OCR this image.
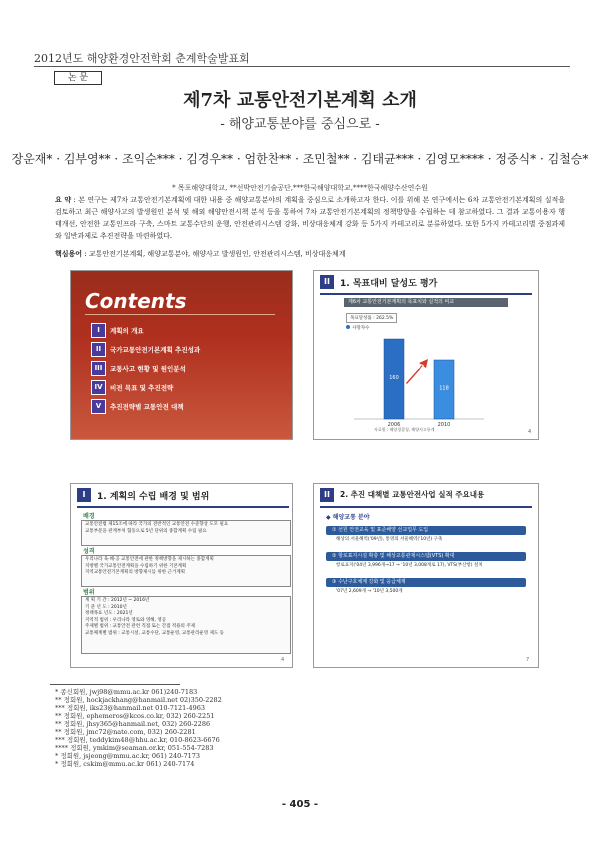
2012년도 해양환경안전학회 춘계학술발표회
논 문
제7차 교통안전기본계획 소개
- 해양교통분야를 중심으로 -
장운재* · 김부영** · 조익순*** · 김경우** · 엄한찬** · 조민철** · 김태균*** · 김영모**** · 정중식* · 김철승*
* 목포해양대학교, **선박안전기술공단,***한국해양대학교,****한국해양수산연수원
요 약 : 본 연구는 제7차 교통안전기본계획에 대한 내용 중 해양교통분야의 계획을 중심으로 소개하고자 한다. 이를 위해 본 연구에서는 6차 교통안전기본계획의 실적을 검토하고 최근 해양사고의 발생원인 분석 및 해외 해양안전시책 분석 등을 통하여 7차 교통안전기본계획의 정책방향을 수립하는 데 참고하였다. 그 결과 교통이용자 행태개선, 안전한 교통인프라 구축, 스마트 교통수단의 운행, 안전관리시스템 강화, 비상대응체계 강화 등 5가지 카테고리로 분류하였다. 또한 5가지 카테고리별 중점과제와 일반과제로 추진전략을 마련하였다.
핵심용어 : 교통안전기본계획, 해양교통분야, 해양사고 발생원인, 안전관리시스템, 비상대응체계
Contents
I 계획의 개요
II 국가교통안전기본계획 추진성과
III 교통사고 현황 및 원인분석
IV 비전 목표 및 추진전략
V 추진전략별 교통안전 대책
II	1. 목표대비 달성도 평가
제6차 교통안전기본계획의 목표치와 실적의 비교
목표달성률 : 262.5%
사망자수
160
2006
118
2010
42
자료원 : 해양경찰청, 해양사고통계	4
I	1. 계획의 수립 배경 및 범위
배경
교통안전법 제15조에 따라 국가의 전반적인 교통안전 수준향상 도모 필요
교통부문을 관계부처 협동으로 5년 단위의 종합계획 수립 필요
성격
우리나라 육·해·공 교통안전에 관한 정책방향을 제시하는 종합계획
지방별 국가교통안전계획을 수립하기 위한 기본계획
지역교통안전기본계획의 방향제시를 위한 근거계획
범위
계 획 기 간 : 2012년 ~ 2016년
기 준 년 도 : 2010년
정책목표 년도 : 2021년
지역적 범위 : 우리나라 영토와 영해, 영공
주제별 범위 : 교통안전 관련 직접 또는 간접 적용의 주제
교통체계별 범위 : 교통시설, 교통수단, 교통운영, 교통관리운영 제도 등
4
II	2. 추진 대책별 교통안전사업 실적 주요내용
◆ 해양교통 분야
① 선원 안전교육 및 표준해양 선교업무 도입
해상의 서울해역('09년), 통영의 서울해역('10년) 구축
② 항로표지시설 확충 및 해상교통관제시스템(VTS) 확대
항로표지('04년 3,996개→17 → '10년 3,008개로 17), VTS(부산항) 설치
③ 수난구호체계 강화 및 응급체계
'07년 2,609개 → '10년 3,500개
7
* 종신회원, jwj98@mmu.ac.kr 061)240-7183
** 정회원, hockjackhang@hanmail.net 02)350-2282
*** 정회원, iks23@hanmail.net 010-7121-4963
** 정회원, ephemeros@kcos.co.kr, 032) 260-2251
** 정회원, jhsy365@hanmail.net, 032) 260-2286
** 정회원, jmc72@nate.com, 032) 260-2281
*** 정회원, teddykim48@hhu.ac.kr, 010-8623-6676
**** 정회원, ymkim@seaman.or.kr, 051-554-7283
* 정회원, jsjeong@mmu.ac.kr, 061) 240-7173
* 정회원, cskim@mmu.ac.kr 061) 240-7174
- 405 -
